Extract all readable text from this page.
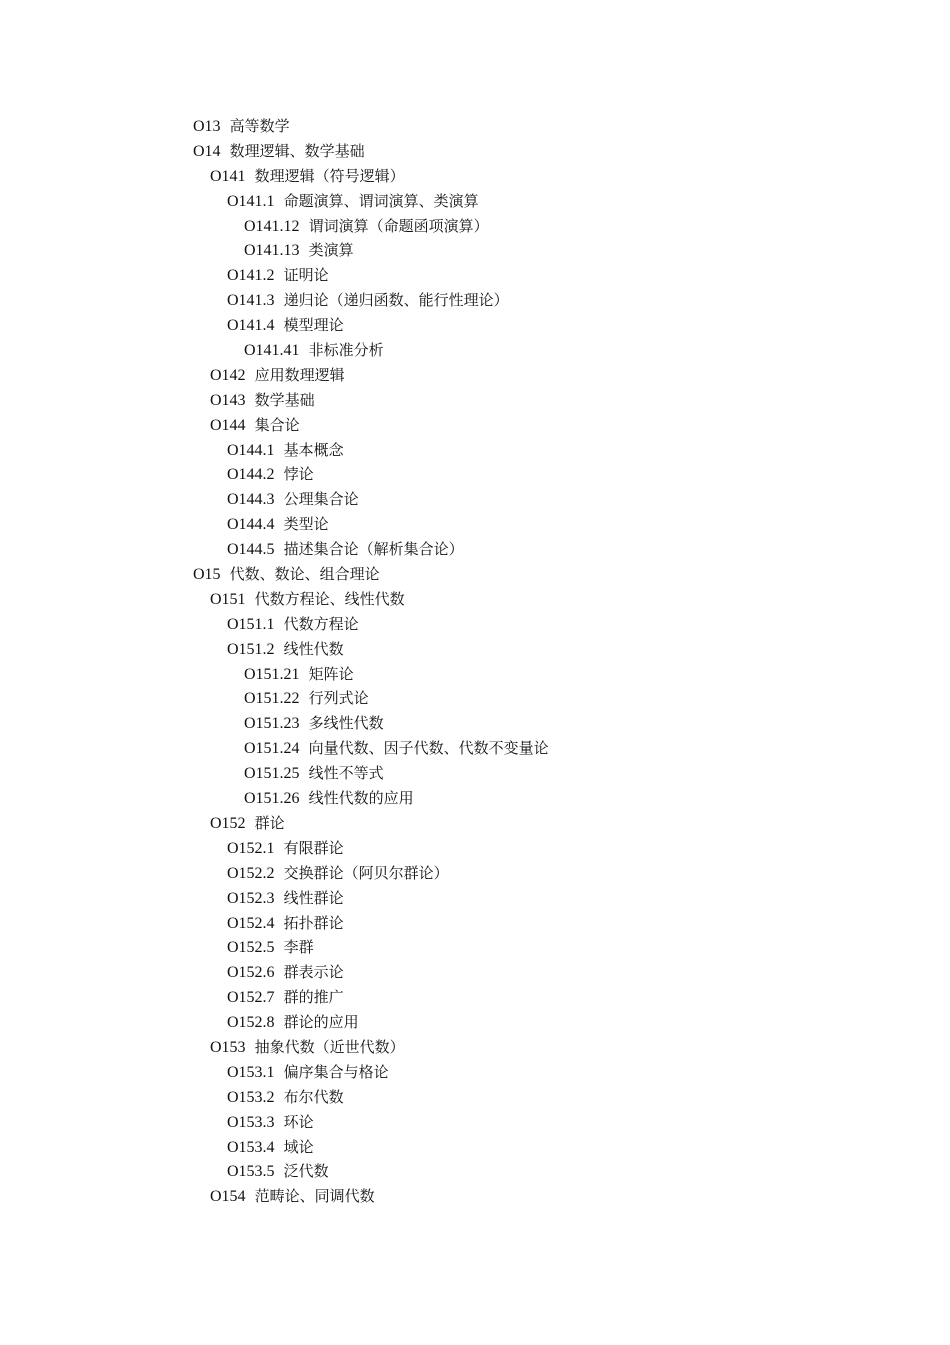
O13 高等数学
O14 数理逻辑、数学基础
O141 数理逻辑（符号逻辑）
O141.1 命题演算、谓词演算、类演算
O141.12 谓词演算（命题函项演算）
O141.13 类演算
O141.2 证明论
O141.3 递归论（递归函数、能行性理论）
O141.4 模型理论
O141.41 非标准分析
O142 应用数理逻辑
O143 数学基础
O144 集合论
O144.1 基本概念
O144.2 悖论
O144.3 公理集合论
O144.4 类型论
O144.5 描述集合论（解析集合论）
O15 代数、数论、组合理论
O151 代数方程论、线性代数
O151.1 代数方程论
O151.2 线性代数
O151.21 矩阵论
O151.22 行列式论
O151.23 多线性代数
O151.24 向量代数、因子代数、代数不变量论
O151.25 线性不等式
O151.26 线性代数的应用
O152 群论
O152.1 有限群论
O152.2 交换群论（阿贝尔群论）
O152.3 线性群论
O152.4 拓扑群论
O152.5 李群
O152.6 群表示论
O152.7 群的推广
O152.8 群论的应用
O153 抽象代数（近世代数）
O153.1 偏序集合与格论
O153.2 布尔代数
O153.3 环论
O153.4 域论
O153.5 泛代数
O154 范畴论、同调代数
